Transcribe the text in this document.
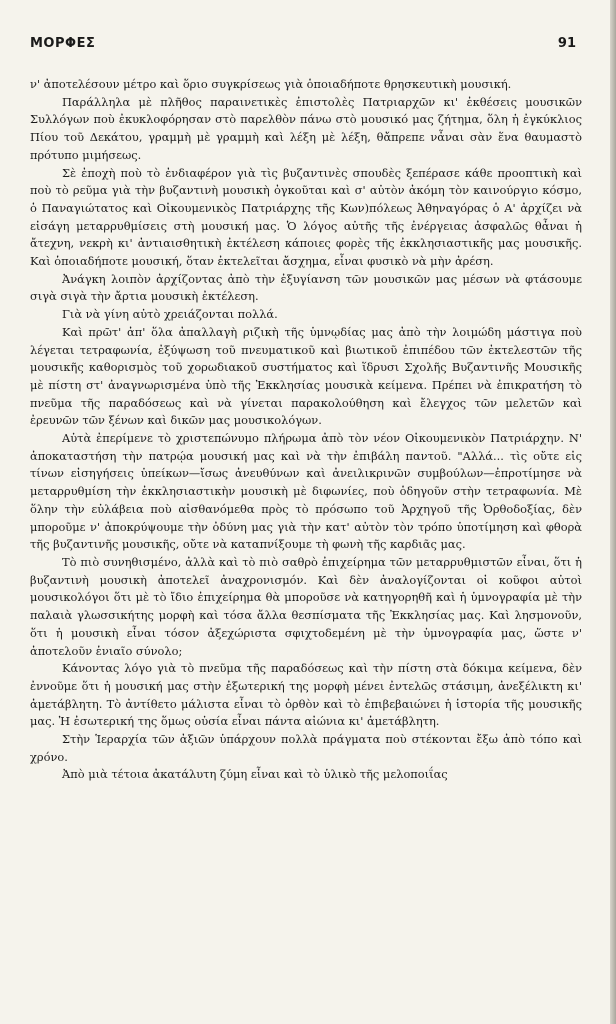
ΜΟΡΦΕΣ	91

ν' ἀποτελέσουν μέτρο καὶ ὅριο συγκρίσεως γιὰ ὁποιαδήποτε θρησκευτικὴ μουσική.

Παράλληλα μὲ πλῆθος παραινετικὲς ἐπιστολὲς Πατριαρχῶν κι' ἐκθέσεις μουσικῶν Συλλόγων ποὺ ἐκυκλοφόρησαν στὸ παρελθὸν πάνω στὸ μουσικό μας ζήτημα, ὅλη ἡ ἐγκύκλιος Πίου τοῦ Δεκάτου, γραμμὴ μὲ γραμμὴ καὶ λέξη μὲ λέξη, θἄπρεπε νἆναι σὰν ἕνα θαυμαστὸ πρότυπο μιμήσεως.

Σὲ ἐποχὴ ποὺ τὸ ἐνδιαφέρον γιὰ τὶς βυζαντινὲς σπουδὲς ξεπέρασε κάθε προοπτικὴ καὶ ποὺ τὸ ρεῦμα γιὰ τὴν βυζαντινὴ μουσικὴ ὀγκοῦται καὶ σ' αὐτὸν ἀκόμη τὸν καινούργιο κόσμο, ὁ Παναγιώτατος καὶ Οἰκουμενικὸς Πατριάρχης τῆς Κων)πόλεως Ἀθηναγόρας ὁ Α' ἀρχίζει νὰ εἰσάγη μεταρρυθμίσεις στὴ μουσική μας. Ὁ λόγος αὐτῆς τῆς ἐνέργειας ἀσφαλῶς θἆναι ἡ ἄτεχνη, νεκρὴ κι' ἀντιαισθητικὴ ἐκτέλεση κάποιες φορὲς τῆς ἐκκλησιαστικῆς μας μουσικῆς. Καὶ ὁποιαδήποτε μουσική, ὅταν ἐκτελεῖται ἄσχημα, εἶναι φυσικὸ νὰ μὴν ἀρέση.

Ἀνάγκη λοιπὸν ἀρχίζοντας ἀπὸ τὴν ἐξυγίανση τῶν μουσικῶν μας μέσων νὰ φτάσουμε σιγὰ σιγὰ τὴν ἄρτια μουσικὴ ἐκτέλεση.

Γιὰ νὰ γίνη αὐτὸ χρειάζονται πολλά.

Καὶ πρῶτ' ἀπ' ὅλα ἀπαλλαγὴ ριζικὴ τῆς ὑμνῳδίας μας ἀπὸ τὴν λοιμώδη μάστιγα ποὺ λέγεται τετραφωνία, ἐξύψωση τοῦ πνευματικοῦ καὶ βιωτικοῦ ἐπιπέδου τῶν ἐκτελεστῶν τῆς μουσικῆς καθορισμὸς τοῦ χορωδιακοῦ συστήματος καὶ ἵδρυσι Σχολῆς Βυζαντινῆς Μουσικῆς μὲ πίστη στ' ἀναγνωρισμένα ὑπὸ τῆς Ἐκκλησίας μουσικὰ κείμενα. Πρέπει νὰ ἐπικρατήση τὸ πνεῦμα τῆς παραδόσεως καὶ νὰ γίνεται παρακολούθηση καὶ ἔλεγχος τῶν μελετῶν καὶ ἐρευνῶν τῶν ξένων καὶ δικῶν μας μουσικολόγων.

Αὐτὰ ἐπερίμενε τὸ χριστεπώνυμο πλήρωμα ἀπὸ τὸν νέον Οἰκουμενικὸν Πατριάρχην. Ν' ἀποκαταστήση τὴν πατρῴα μουσική μας καὶ νὰ τὴν ἐπιβάλη παντοῦ. "Αλλά... τὶς οὔτε εἰς τίνων εἰσηγήσεις ὑπείκων—ἴσως ἀνευθύνων καὶ ἀνειλικρινῶν συμβούλων—ἐπροτίμησε νὰ μεταρρυθμίση τὴν ἐκκλησιαστικὴν μουσικὴ μὲ διφωνίες, ποὺ ὁδηγοῦν στὴν τετραφωνία. Μὲ ὅλην τὴν εὐλάβεια ποὺ αἰσθανόμεθα πρὸς τὸ πρόσωπο τοῦ Ἀρχηγοῦ τῆς Ὀρθοδοξίας, δὲν μποροῦμε ν' ἀποκρύψουμε τὴν ὀδύνη μας γιὰ τὴν κατ' αὐτὸν τὸν τρόπο ὑποτίμηση καὶ φθορὰ τῆς βυζαντινῆς μουσικῆς, οὔτε νὰ καταπνίξουμε τὴ φωνὴ τῆς καρδιᾶς μας.

Τὸ πιὸ συνηθισμένο, ἀλλὰ καὶ τὸ πιὸ σαθρὸ ἐπιχείρημα τῶν μεταρρυθμιστῶν εἶναι, ὅτι ἡ βυζαντινὴ μουσικὴ ἀποτελεῖ ἀναχρονισμόν. Καὶ δὲν ἀναλογίζονται οἱ κοῦφοι αὐτοὶ μουσικολόγοι ὅτι μὲ τὸ ἴδιο ἐπιχείρημα θὰ μποροῦσε νὰ κατηγορηθῆ καὶ ἡ ὑμνογραφία μὲ τὴν παλαιὰ γλωσσικήτης μορφὴ καὶ τόσα ἄλλα θεσπίσματα τῆς Ἐκκλησίας μας. Καὶ λησμονοῦν, ὅτι ἡ μουσικὴ εἶναι τόσον ἀξεχώριστα σφιχτοδεμένη μὲ τὴν ὑμνογραφία μας, ὥστε ν' ἀποτελοῦν ἑνιαῖο σύνολο;

Κάνοντας λόγο γιὰ τὸ πνεῦμα τῆς παραδόσεως καὶ τὴν πίστη στὰ δόκιμα κείμενα, δὲν ἐννοῦμε ὅτι ἡ μουσική μας στὴν ἐξωτερική της μορφὴ μένει ἐντελῶς στάσιμη, ἀνεξέλικτη κι' ἀμετάβλητη. Τὸ ἀντίθετο μάλιστα εἶναι τὸ ὀρθὸν καὶ τὸ ἐπιβεβαιώνει ἡ ἱστορία τῆς μουσικῆς μας. Ἡ ἐσωτερική της ὅμως οὐσία εἶναι πάντα αἰώνια κι' ἀμετάβλητη.

Στὴν Ἱεραρχία τῶν ἀξιῶν ὑπάρχουν πολλὰ πράγματα ποὺ στέκονται ἔξω ἀπὸ τόπο καὶ χρόνο.

Ἀπὸ μιὰ τέτοια ἀκατάλυτη ζύμη εἶναι καὶ τὸ ὑλικὸ τῆς μελοποιΐας
